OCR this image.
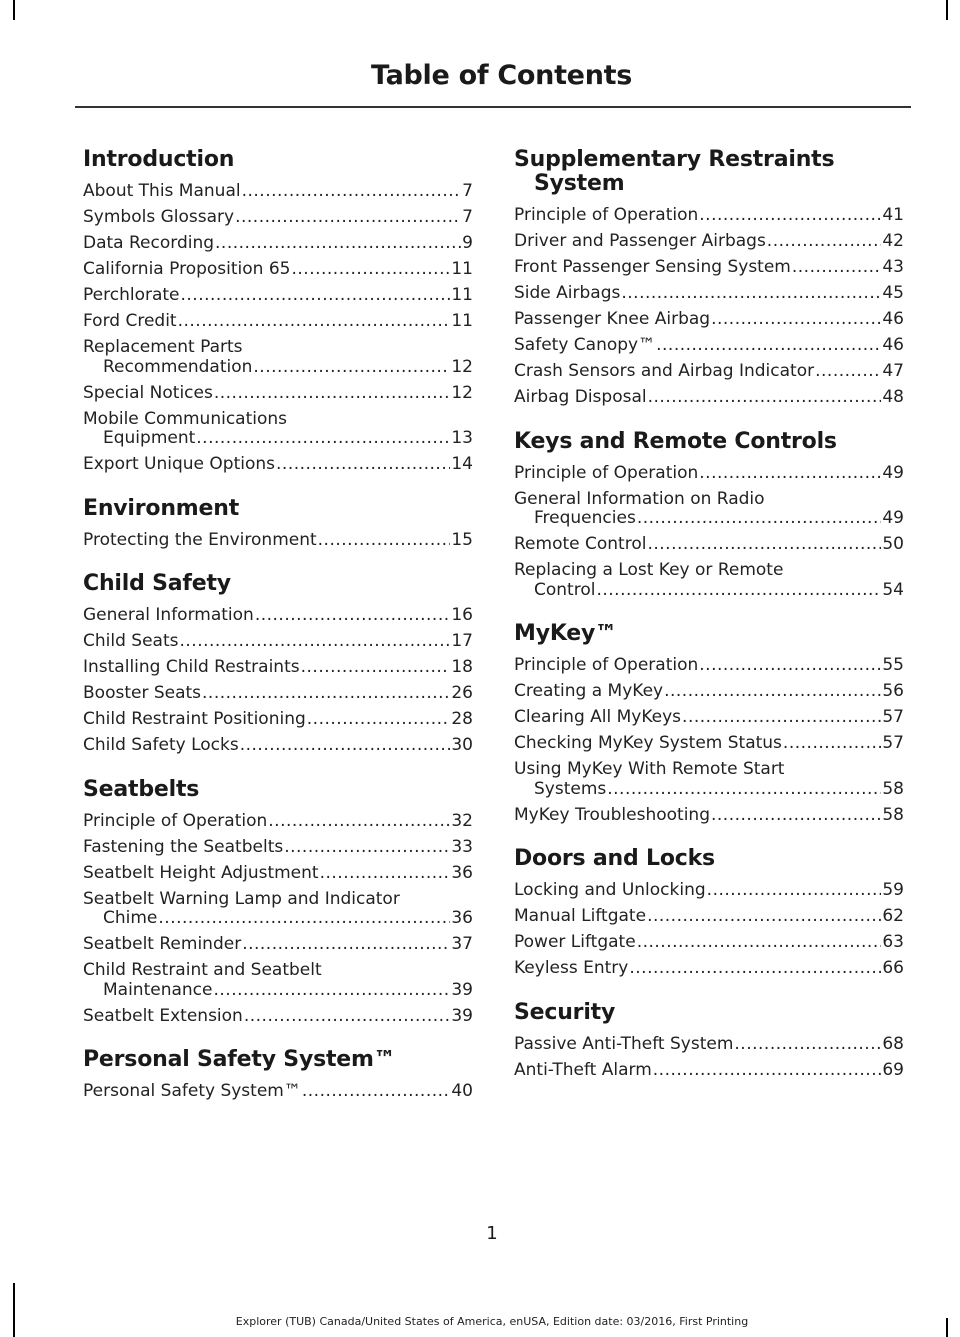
Table of Contents
Introduction
About This Manual .....	7
Symbols Glossary .....	7
Data Recording .....	9
California Proposition 65 .....	11
Perchlorate .....	11
Ford Credit .....	11
Replacement Parts
Recommendation .....	12
Special Notices .....	12
Mobile Communications
Equipment .....	13
Export Unique Options .....	14
Environment
Protecting the Environment .....	15
Child Safety
General Information .....	16
Child Seats .....	17
Installing Child Restraints .....	18
Booster Seats .....	26
Child Restraint Positioning .....	28
Child Safety Locks .....	30
Seatbelts
Principle of Operation .....	32
Fastening the Seatbelts .....	33
Seatbelt Height Adjustment .....	36
Seatbelt Warning Lamp and Indicator
Chime .....	36
Seatbelt Reminder .....	37
Child Restraint and Seatbelt
Maintenance .....	39
Seatbelt Extension .....	39
Personal Safety System™
Personal Safety System™ .....	40
Supplementary Restraints System
Principle of Operation .....	41
Driver and Passenger Airbags .....	42
Front Passenger Sensing System .....	43
Side Airbags .....	45
Passenger Knee Airbag .....	46
Safety Canopy™ .....	46
Crash Sensors and Airbag Indicator .....	47
Airbag Disposal .....	48
Keys and Remote Controls
Principle of Operation .....	49
General Information on Radio
Frequencies .....	49
Remote Control .....	50
Replacing a Lost Key or Remote
Control .....	54
MyKey™
Principle of Operation .....	55
Creating a MyKey .....	56
Clearing All MyKeys .....	57
Checking MyKey System Status .....	57
Using MyKey With Remote Start
Systems .....	58
MyKey Troubleshooting .....	58
Doors and Locks
Locking and Unlocking .....	59
Manual Liftgate .....	62
Power Liftgate .....	63
Keyless Entry .....	66
Security
Passive Anti-Theft System .....	68
Anti-Theft Alarm .....	69
1
Explorer (TUB) Canada/United States of America, enUSA, Edition date: 03/2016, First Printing
